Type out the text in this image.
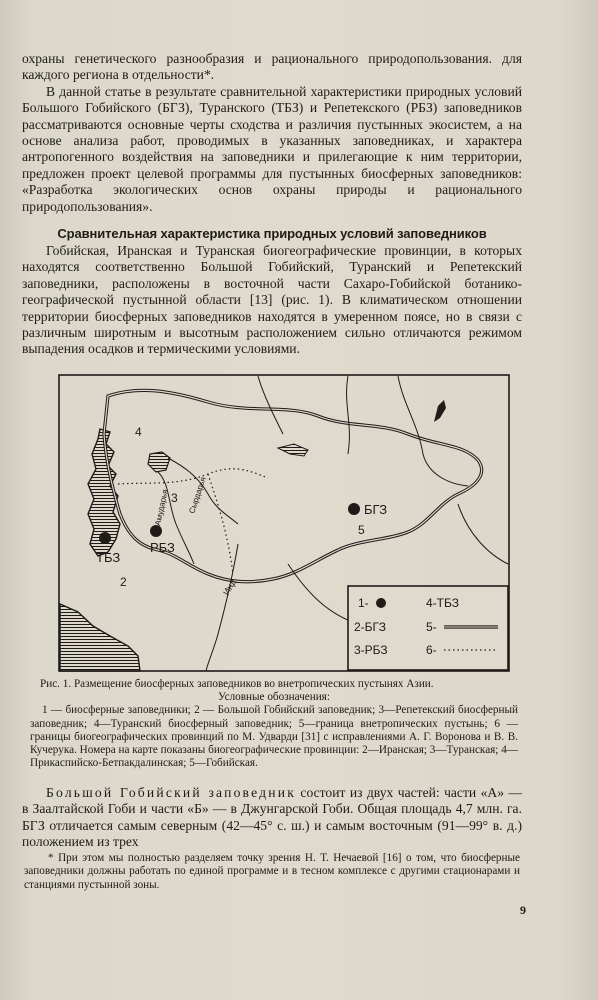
охраны генетического разнообразия и рационального природопользования. для каждого региона в отдельности*.

В данной статье в результате сравнительной характеристики природных условий Большого Гобийского (БГЗ), Туранского (ТБЗ) и Репетекского (РБЗ) заповедников рассматриваются основные черты сходства и различия пустынных экосистем, а на основе анализа работ, проводимых в указанных заповедниках, и характера антропогенного воздействия на заповедники и прилегающие к ним территории, предложен проект целевой программы для пустынных биосферных заповедников: «Разработка экологических основ охраны природы и рационального природопользования».

Сравнительная характеристика природных условий заповедников

Гобийская, Иранская и Туранская биогеографические провинции, в которых находятся соответственно Большой Гобийский, Туранский и Репетекский заповедники, расположены в восточной части Сахаро-Гобийской ботанико-географической пустынной области [13] (рис. 1). В климатическом отношении территории биосферных заповедников находятся в умеренном поясе, но в связи с различным широтным и высотным расположением сильно отличаются режимом выпадения осадков и термическими условиями.

БГЗ
РБЗ
ТБЗ
2
3
4
5
Амударья Сырдарья
Инд
1-
2-БГЗ
3-РБЗ
4-ТБЗ
5-
6-
Рис. 1. Размещение биосферных заповедников во внетропических пустынях Азии.
Условные обозначения:
1 — биосферные заповедники; 2 — Большой Гобийский заповедник; 3—Репетекский биосферный заповедник; 4—Туранский биосферный заповедник; 5—граница внетропических пустынь; 6 — границы биогеографических провинций по М. Удварди [31] с исправлениями А. Г. Воронова и В. В. Кучерука. Номера на карте показаны биогеографические провинции: 2—Иранская; 3—Туранская; 4—Прикаспийско-Бетпакдалинская; 5—Гобийская.

Большой Гобийский заповедник состоит из двух частей: части «А» — в Заалтайской Гоби и части «Б» — в Джунгарской Гоби. Общая площадь 4,7 млн. га. БГЗ отличается самым северным (42—45° с. ш.) и самым восточным (91—99° в. д.) положением из трех

* При этом мы полностью разделяем точку зрения Н. Т. Нечаевой [16] о том, что биосферные заповедники должны работать по единой программе и в тесном комплексе с другими стационарами и станциями пустынной зоны.
9
